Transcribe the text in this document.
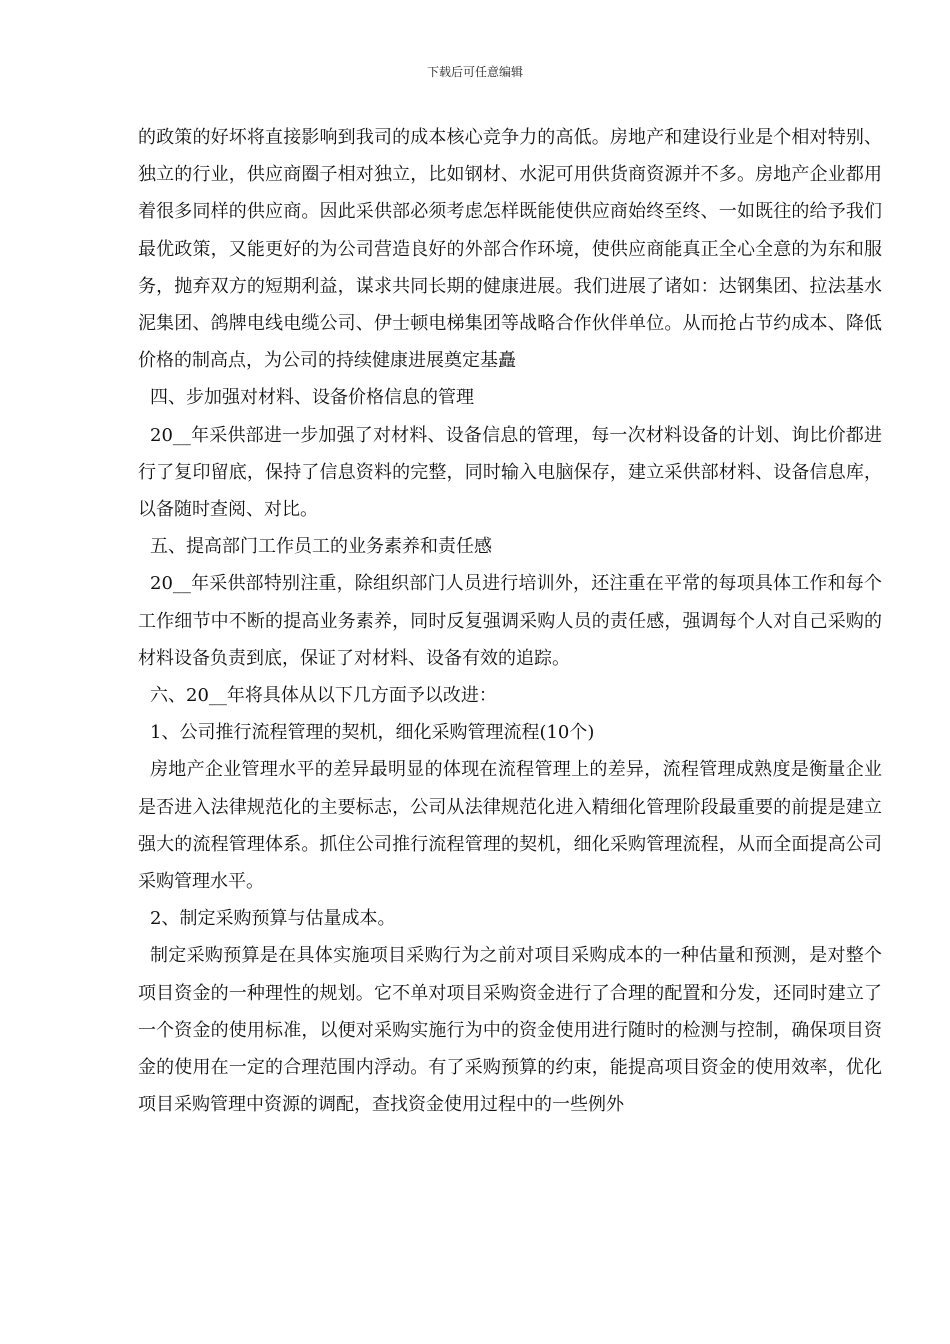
下载后可任意编辑

的政策的好坏将直接影响到我司的成本核心竞争力的高低。房地产和建设行业是个相对特别、独立的行业，供应商圈子相对独立，比如钢材、水泥可用供货商资源并不多。房地产企业都用着很多同样的供应商。因此采供部必须考虑怎样既能使供应商始终至终、一如既往的给予我们最优政策，又能更好的为公司营造良好的外部合作环境，使供应商能真正全心全意的为东和服务，抛弃双方的短期利益，谋求共同长期的健康进展。我们进展了诸如：达钢集团、拉法基水泥集团、鸽牌电线电缆公司、伊士顿电梯集团等战略合作伙伴单位。从而抢占节约成本、降低价格的制高点，为公司的持续健康进展奠定基矗

四、步加强对材料、设备价格信息的管理

20__年采供部进一步加强了对材料、设备信息的管理，每一次材料设备的计划、询比价都进行了复印留底，保持了信息资料的完整，同时输入电脑保存，建立采供部材料、设备信息库，以备随时查阅、对比。

五、提高部门工作员工的业务素养和责任感

20__年采供部特别注重，除组织部门人员进行培训外，还注重在平常的每项具体工作和每个工作细节中不断的提高业务素养，同时反复强调采购人员的责任感，强调每个人对自己采购的材料设备负责到底，保证了对材料、设备有效的追踪。

六、20__年将具体从以下几方面予以改进：

1、公司推行流程管理的契机，细化采购管理流程(10个)

房地产企业管理水平的差异最明显的体现在流程管理上的差异，流程管理成熟度是衡量企业是否进入法律规范化的主要标志，公司从法律规范化进入精细化管理阶段最重要的前提是建立强大的流程管理体系。抓住公司推行流程管理的契机，细化采购管理流程，从而全面提高公司采购管理水平。

2、制定采购预算与估量成本。

制定采购预算是在具体实施项目采购行为之前对项目采购成本的一种估量和预测，是对整个项目资金的一种理性的规划。它不单对项目采购资金进行了合理的配置和分发，还同时建立了一个资金的使用标准，以便对采购实施行为中的资金使用进行随时的检测与控制，确保项目资金的使用在一定的合理范围内浮动。有了采购预算的约束，能提高项目资金的使用效率，优化项目采购管理中资源的调配，查找资金使用过程中的一些例外
